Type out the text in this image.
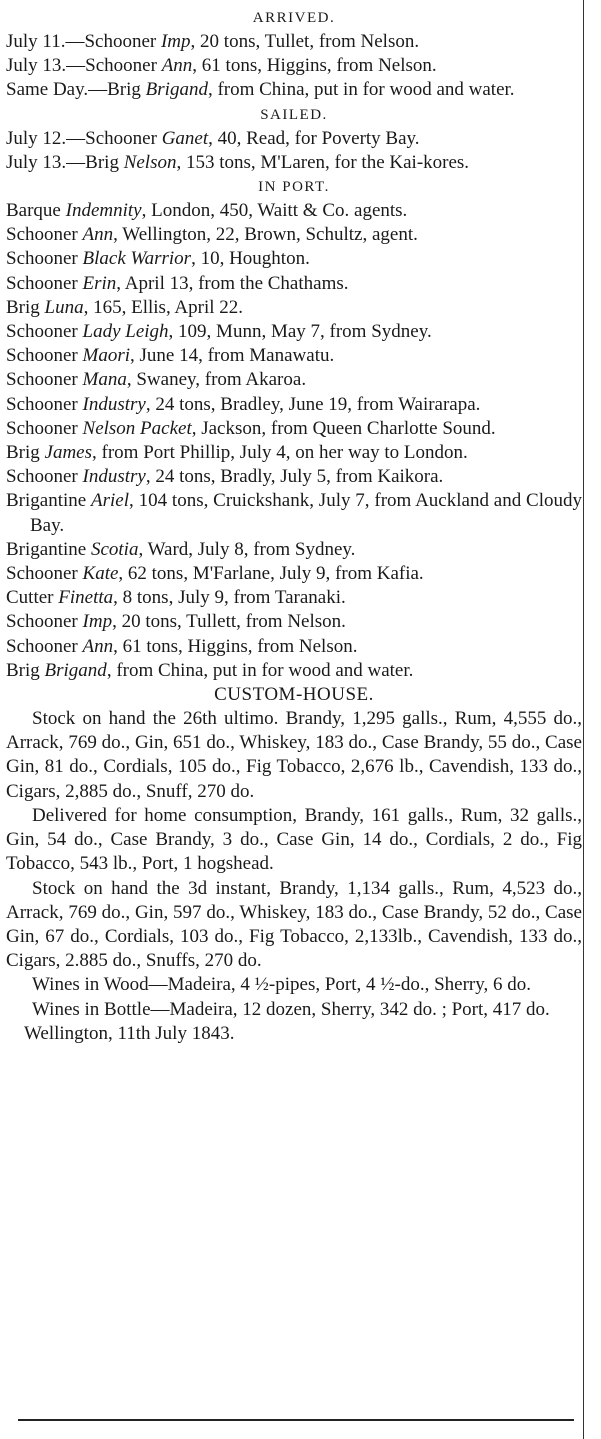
ARRIVED.

July 11.—Schooner Imp, 20 tons, Tullet, from Nelson.

July 13.—Schooner Ann, 61 tons, Higgins, from Nelson.

Same Day.—Brig Brigand, from China, put in for wood and water.

SAILED.

July 12.—Schooner Ganet, 40, Read, for Poverty Bay.

July 13.—Brig Nelson, 153 tons, M'Laren, for the Kai-kores.

IN PORT.

Barque Indemnity, London, 450, Waitt & Co. agents.

Schooner Ann, Wellington, 22, Brown, Schultz, agent.

Schooner Black Warrior, 10, Houghton.

Schooner Erin, April 13, from the Chathams.

Brig Luna, 165, Ellis, April 22.

Schooner Lady Leigh, 109, Munn, May 7, from Sydney.

Schooner Maori, June 14, from Manawatu.

Schooner Mana, Swaney, from Akaroa.

Schooner Industry, 24 tons, Bradley, June 19, from Wairarapa.

Schooner Nelson Packet, Jackson, from Queen Charlotte Sound.

Brig James, from Port Phillip, July 4, on her way to London.

Schooner Industry, 24 tons, Bradly, July 5, from Kaikora.

Brigantine Ariel, 104 tons, Cruickshank, July 7, from Auckland and Cloudy Bay.

Brigantine Scotia, Ward, July 8, from Sydney.

Schooner Kate, 62 tons, M'Farlane, July 9, from Kafia.

Cutter Finetta, 8 tons, July 9, from Taranaki.

Schooner Imp, 20 tons, Tullett, from Nelson.

Schooner Ann, 61 tons, Higgins, from Nelson.

Brig Brigand, from China, put in for wood and water.

CUSTOM-HOUSE.

Stock on hand the 26th ultimo. Brandy, 1,295 galls., Rum, 4,555 do., Arrack, 769 do., Gin, 651 do., Whiskey, 183 do., Case Brandy, 55 do., Case Gin, 81 do., Cordials, 105 do., Fig Tobacco, 2,676 lb., Cavendish, 133 do., Cigars, 2,885 do., Snuff, 270 do.

Delivered for home consumption, Brandy, 161 galls., Rum, 32 galls., Gin, 54 do., Case Brandy, 3 do., Case Gin, 14 do., Cordials, 2 do., Fig Tobacco, 543 lb., Port, 1 hogshead.

Stock on hand the 3d instant, Brandy, 1,134 galls., Rum, 4,523 do., Arrack, 769 do., Gin, 597 do., Whiskey, 183 do., Case Brandy, 52 do., Case Gin, 67 do., Cordials, 103 do., Fig Tobacco, 2,133lb., Cavendish, 133 do., Cigars, 2.885 do., Snuffs, 270 do.

Wines in Wood—Madeira, 4 ½-pipes, Port, 4 ½-do., Sherry, 6 do.

Wines in Bottle—Madeira, 12 dozen, Sherry, 342 do. ; Port, 417 do.

Wellington, 11th July 1843.
